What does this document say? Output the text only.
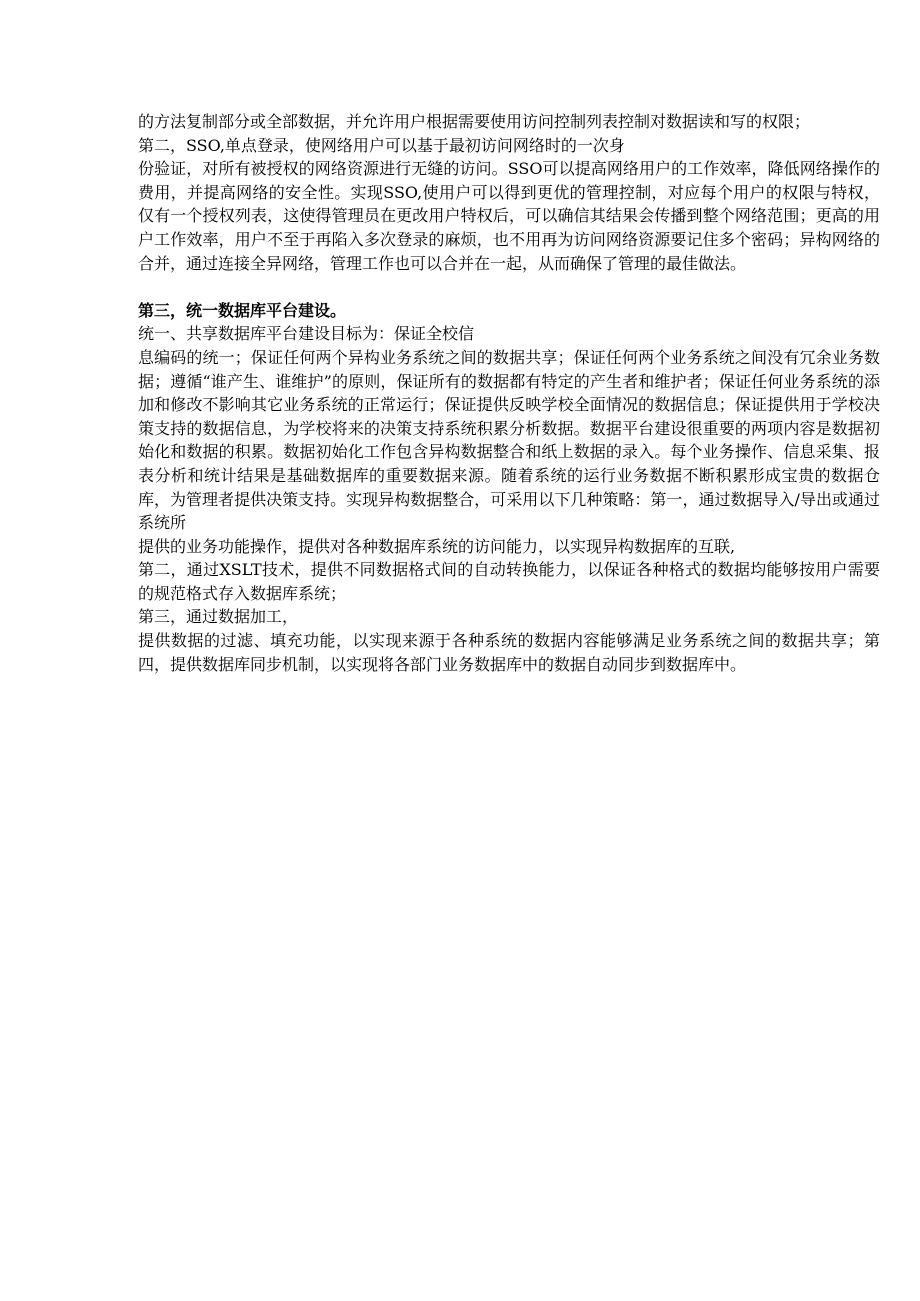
的方法复制部分或全部数据，并允许用户根据需要使用访问控制列表控制对数据读和写的权限；

第二，SSO,单点登录，使网络用户可以基于最初访问网络时的一次身

份验证，对所有被授权的网络资源进行无缝的访问。SSO可以提高网络用户的工作效率，降低网络操作的费用，并提高网络的安全性。实现SSO,使用户可以得到更优的管理控制，对应每个用户的权限与特权，仅有一个授权列表，这使得管理员在更改用户特权后，可以确信其结果会传播到整个网络范围；更高的用户工作效率，用户不至于再陷入多次登录的麻烦，也不用再为访问网络资源要记住多个密码；异构网络的合并，通过连接全异网络，管理工作也可以合并在一起，从而确保了管理的最佳做法。

第三，统一数据库平台建设。

统一、共享数据库平台建设目标为：保证全校信

息编码的统一；保证任何两个异构业务系统之间的数据共享；保证任何两个业务系统之间没有冗余业务数据；遵循“谁产生、谁维护”的原则，保证所有的数据都有特定的产生者和维护者；保证任何业务系统的添加和修改不影响其它业务系统的正常运行；保证提供反映学校全面情况的数据信息；保证提供用于学校决策支持的数据信息，为学校将来的决策支持系统积累分析数据。数据平台建设很重要的两项内容是数据初始化和数据的积累。数据初始化工作包含异构数据整合和纸上数据的录入。每个业务操作、信息采集、报表分析和统计结果是基础数据库的重要数据来源。随着系统的运行业务数据不断积累形成宝贵的数据仓库，为管理者提供决策支持。实现异构数据整合，可采用以下几种策略：第一，通过数据导入/导出或通过系统所

提供的业务功能操作，提供对各种数据库系统的访问能力，以实现异构数据库的互联,

第二，通过XSLT技术，提供不同数据格式间的自动转换能力，以保证各种格式的数据均能够按用户需要的规范格式存入数据库系统；

第三，通过数据加工，

提供数据的过滤、填充功能，以实现来源于各种系统的数据内容能够满足业务系统之间的数据共享；第四，提供数据库同步机制，以实现将各部门业务数据库中的数据自动同步到数据库中。
